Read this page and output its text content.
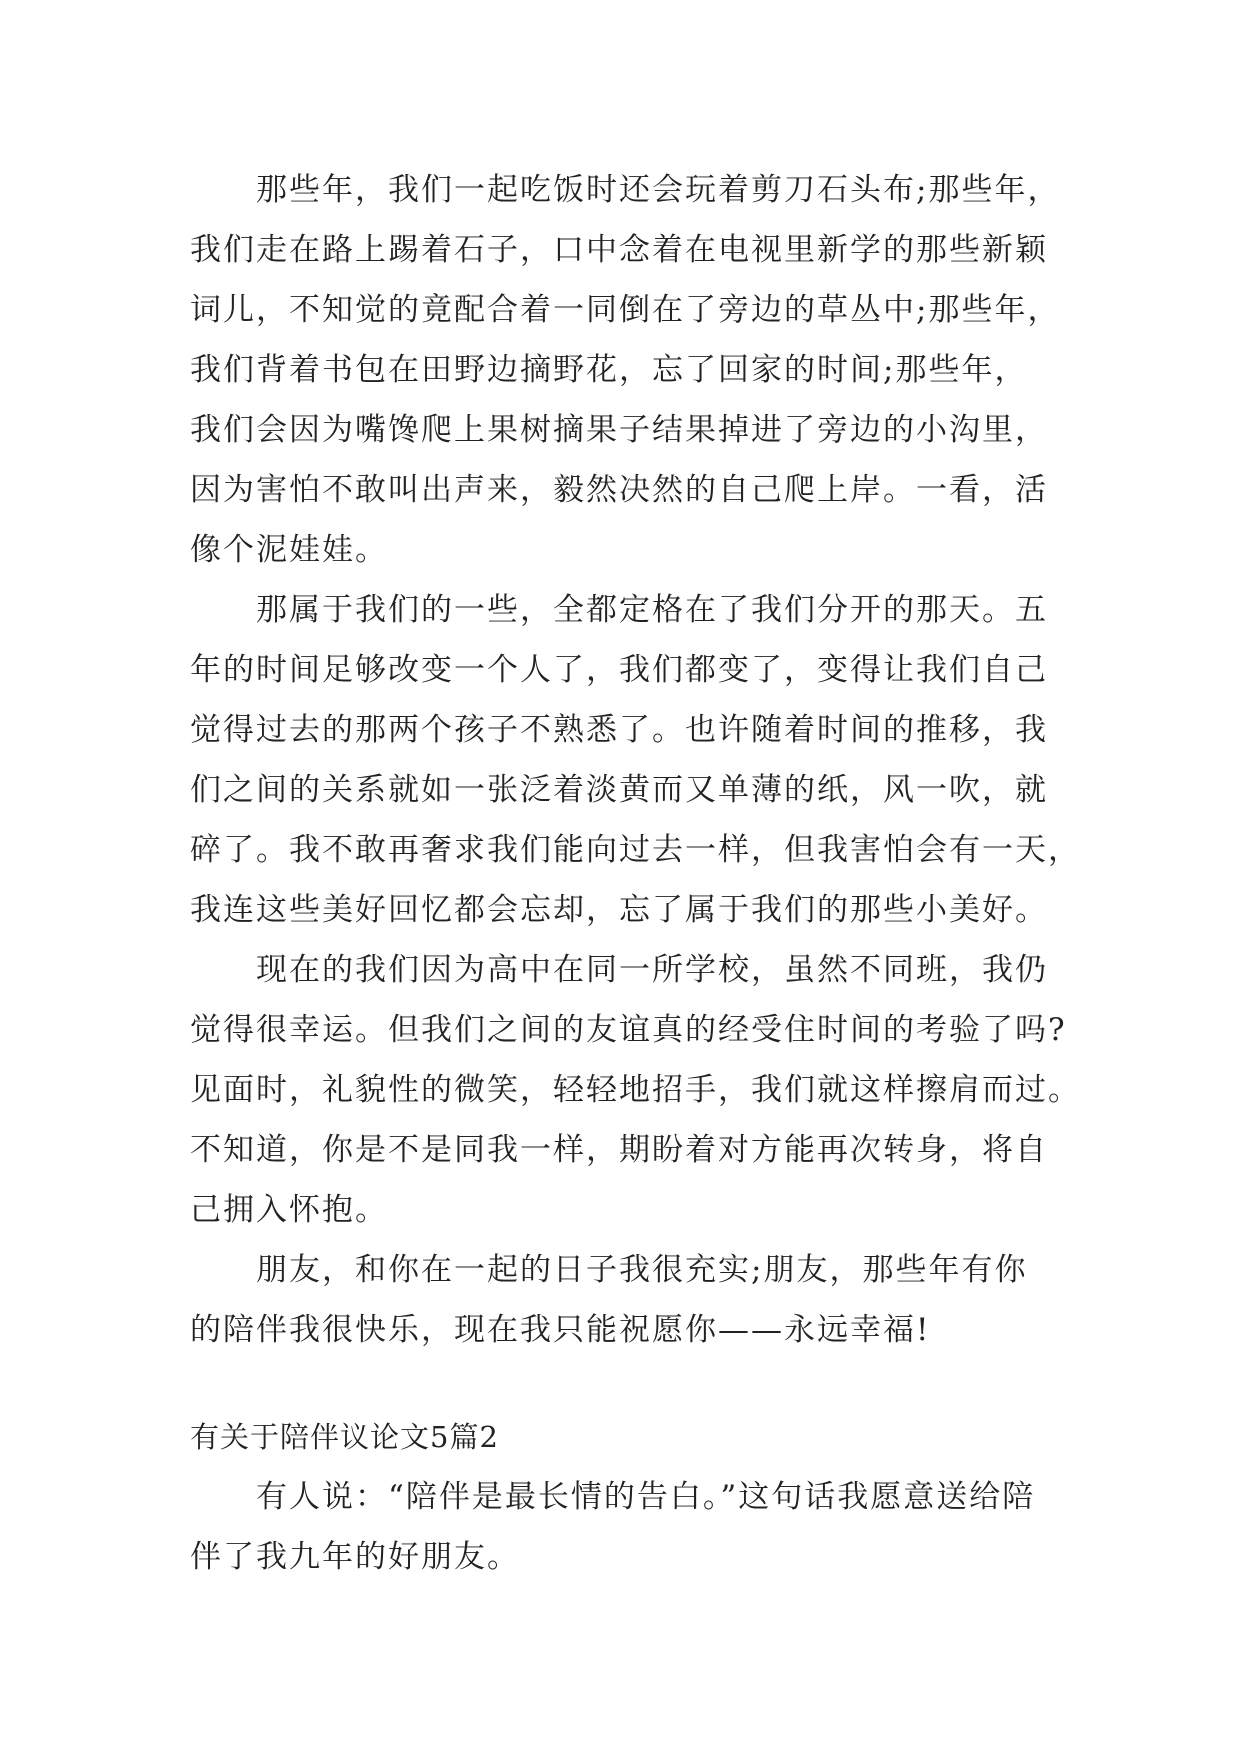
那些年，我们一起吃饭时还会玩着剪刀石头布;那些年，
我们走在路上踢着石子，口中念着在电视里新学的那些新颖
词儿，不知觉的竟配合着一同倒在了旁边的草丛中;那些年，
我们背着书包在田野边摘野花，忘了回家的时间;那些年，
我们会因为嘴馋爬上果树摘果子结果掉进了旁边的小沟里，
因为害怕不敢叫出声来，毅然决然的自己爬上岸。一看，活
像个泥娃娃。
那属于我们的一些，全都定格在了我们分开的那天。五
年的时间足够改变一个人了，我们都变了，变得让我们自己
觉得过去的那两个孩子不熟悉了。也许随着时间的推移，我
们之间的关系就如一张泛着淡黄而又单薄的纸，风一吹，就
碎了。我不敢再奢求我们能向过去一样，但我害怕会有一天，
我连这些美好回忆都会忘却，忘了属于我们的那些小美好。
现在的我们因为高中在同一所学校，虽然不同班，我仍
觉得很幸运。但我们之间的友谊真的经受住时间的考验了吗?
见面时，礼貌性的微笑，轻轻地招手，我们就这样擦肩而过。
不知道，你是不是同我一样，期盼着对方能再次转身，将自
己拥入怀抱。
朋友，和你在一起的日子我很充实;朋友，那些年有你
的陪伴我很快乐，现在我只能祝愿你——永远幸福!
有关于陪伴议论文5篇2
有人说：“陪伴是最长情的告白。”这句话我愿意送给陪
伴了我九年的好朋友。
